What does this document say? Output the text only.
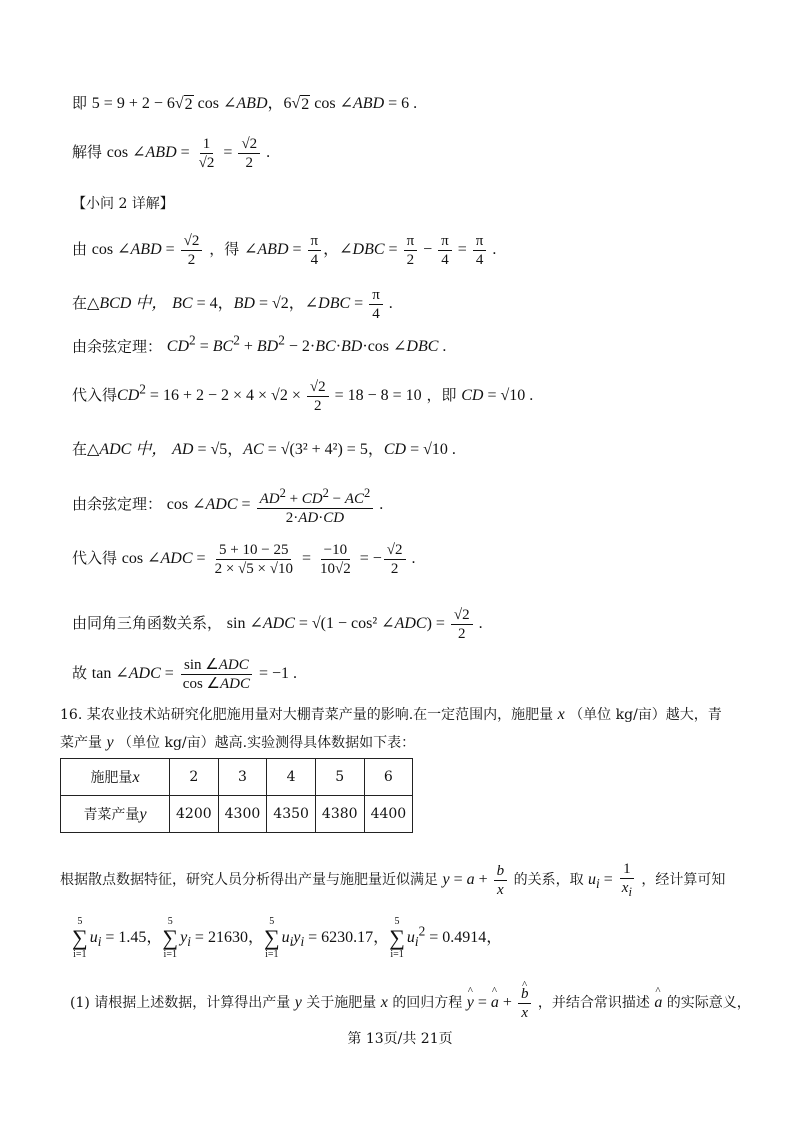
即 5 = 9 + 2 − 6 √ 2 cos ∠ABD，6 √ 2 cos ∠ABD = 6 .
解得 cos ∠ABD = $\frac{1}{√2} = \frac{√2}{2}$ .
【小问 2 详解】
由 cos ∠ABD = $\frac{√2}{2}$ ，得 ∠ABD = $\frac{\pi}{4}$ ，∠DBC = $\frac{\pi}{2} - \frac{\pi}{4} = \frac{\pi}{4}$ .
在△BCD 中， BC = 4，BD = √2，∠DBC = $\frac{\pi}{4}$ .
由余弦定理： $CD^2 = BC^2 + BD^2 - 2\cdot BC\cdot BD\cdot\cos$ ∠DBC .
代入得$CD^2 = 16 + 2 - 2 \times 4 \times √2 \times \frac{√2}{2} = 18 - 8 = 10$ ，即 CD = √10 .
在△ADC 中， AD = √5，AC = √(3² + 4²) = 5，CD = √10 .
由余弦定理： cos ∠ADC = $\frac{AD^2 + CD^2 - AC^2}{2\cdot AD\cdot CD}$ .
代入得 cos ∠ADC = $\frac{5 + 10 - 25}{2 \times √5 \times √10} = \frac{-10}{10√2}$ = − $\frac{√2}{2}$ .
由同角三角函数关系， sin ∠ADC = √(1 − cos² ∠ADC) = $\frac{√2}{2}$ .
故 tan ∠ADC = $\frac{\text{sin ∠ADC}}{\text{cos ∠ADC}} = -1$ .
16. 某农业技术站研究化肥施用量对大棚青菜产量的影响.在一定范围内，施肥量 x （单位 kg/亩）越大，青
菜产量 y （单位 kg/亩）越高.实验测得具体数据如下表：
施肥量x	2	3	4	5	6
青菜产量y	4200	4300	4350	4380	4400
根据散点数据特征，研究人员分析得出产量与施肥量近似满足 $y = a + \frac{b}{x}$ 的关系，取 $u_i = \frac{1}{x_i}$ ，经计算可知
5
∑
i=1
$u_i = 1.45$，
5
∑
i=1
$y_i = 21630$，
5
∑
i=1
$u_iy_i = 6230.17$，
5
∑
i=1
$u_i^2 = 0.4914$，
(1) 请根据上述数据，计算得出产量 y 关于施肥量 x 的回归方程 ^ y = ^ a + ^ $\frac{b}{x}$ ，并结合常识描述 ^ a 的实际意义，
第 13页/共 21页
